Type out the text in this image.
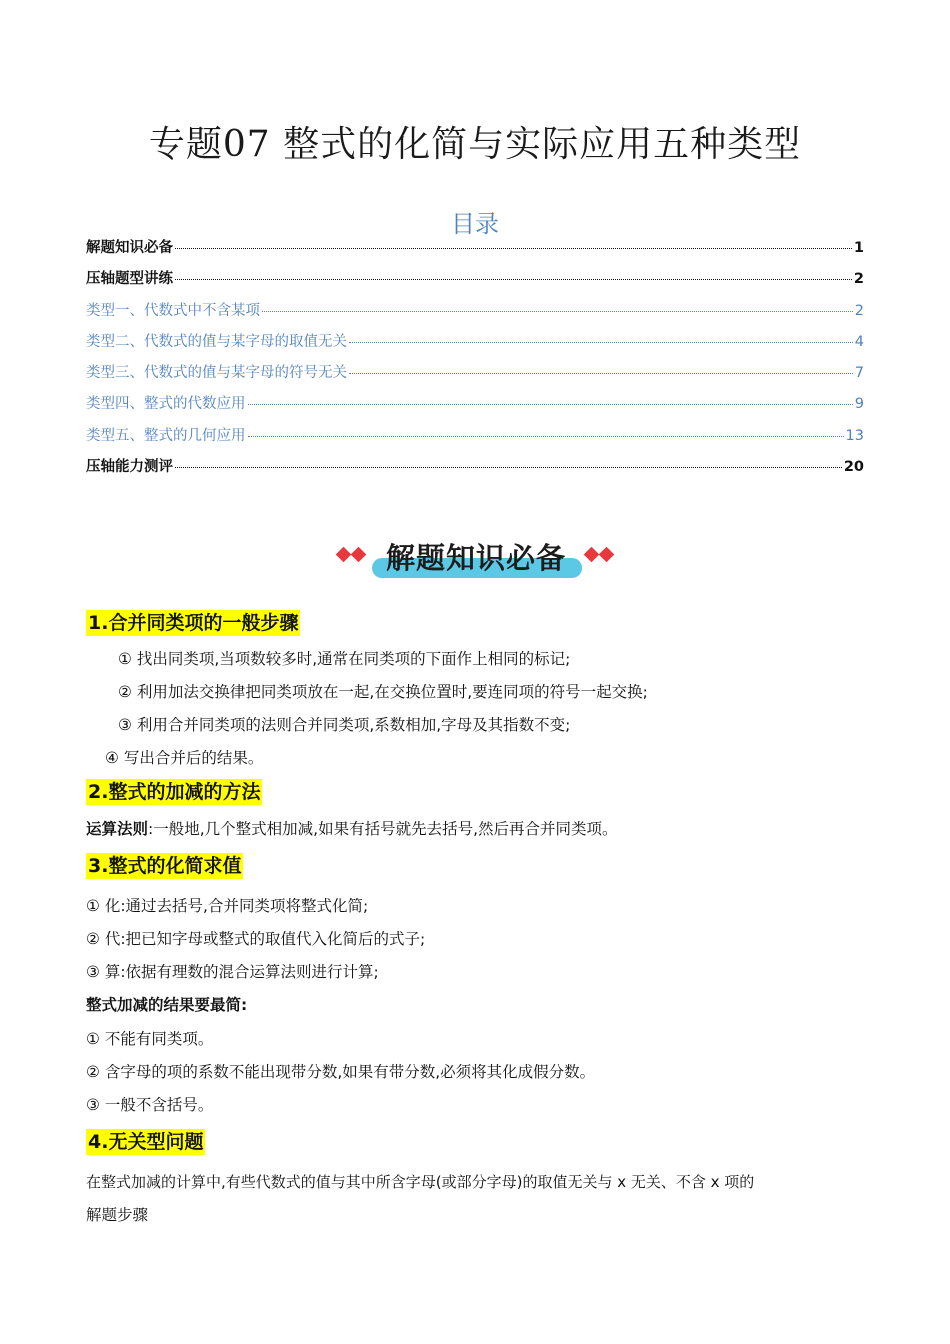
专题07 整式的化简与实际应用五种类型
目录
解题知识必备	1
压轴题型讲练	2
类型一、代数式中不含某项	2
类型二、代数式的值与某字母的取值无关	4
类型三、代数式的值与某字母的符号无关	7
类型四、整式的代数应用	9
类型五、整式的几何应用	13
压轴能力测评	20
解题知识必备
1.合并同类项的一般步骤
① 找出同类项,当项数较多时,通常在同类项的下面作上相同的标记;
② 利用加法交换律把同类项放在一起,在交换位置时,要连同项的符号一起交换;
③ 利用合并同类项的法则合并同类项,系数相加,字母及其指数不变;
④ 写出合并后的结果。
2.整式的加减的方法
运算法则:一般地,几个整式相加减,如果有括号就先去括号,然后再合并同类项。
3.整式的化简求值
① 化:通过去括号,合并同类项将整式化简;
② 代:把已知字母或整式的取值代入化简后的式子;
③ 算:依据有理数的混合运算法则进行计算;
整式加减的结果要最简:
① 不能有同类项。
② 含字母的项的系数不能出现带分数,如果有带分数,必须将其化成假分数。
③ 一般不含括号。
4.无关型问题
在整式加减的计算中,有些代数式的值与其中所含字母(或部分字母)的取值无关与 x 无关、不含 x 项的
解题步骤
